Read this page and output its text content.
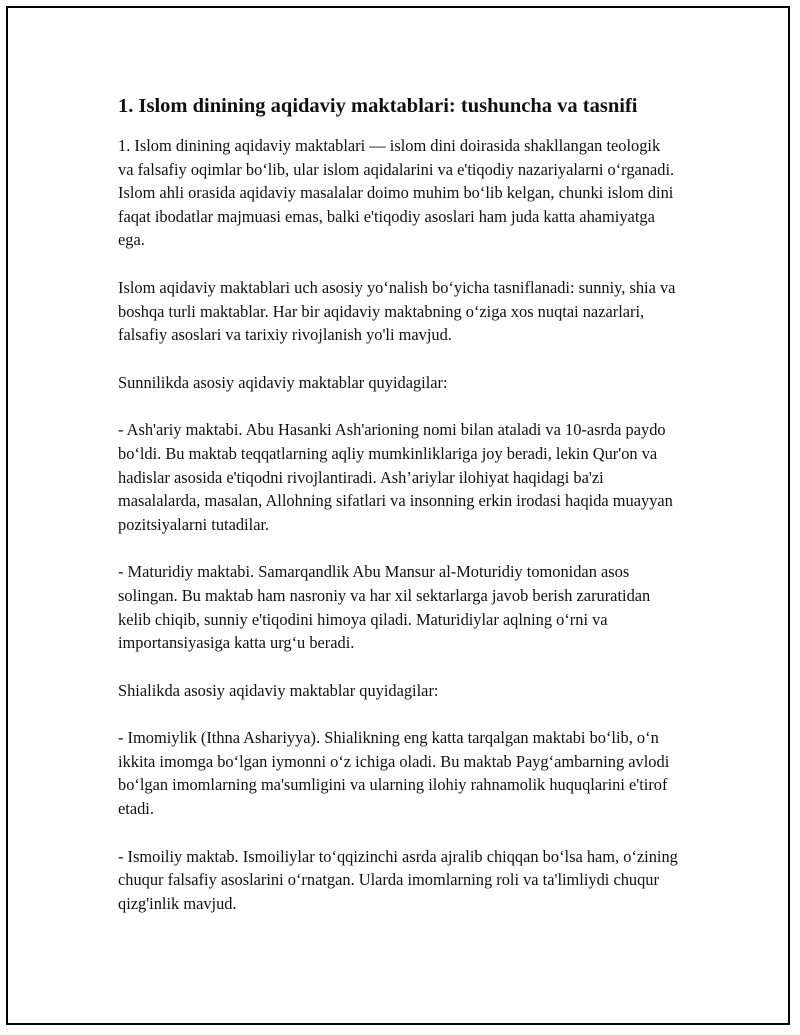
1. Islom dinining aqidaviy maktablari: tushuncha va tasnifi

1. Islom dinining aqidaviy maktablari — islom dini doirasida shakllangan teologik va falsafiy oqimlar bo‘lib, ular islom aqidalarini va e'tiqodiy nazariyalarni o‘rganadi. Islom ahli orasida aqidaviy masalalar doimo muhim bo‘lib kelgan, chunki islom dini faqat ibodatlar majmuasi emas, balki e'tiqodiy asoslari ham juda katta ahamiyatga ega.

Islom aqidaviy maktablari uch asosiy yo‘nalish bo‘yicha tasniflanadi: sunniy, shia va boshqa turli maktablar. Har bir aqidaviy maktabning o‘ziga xos nuqtai nazarlari, falsafiy asoslari va tarixiy rivojlanish yo'li mavjud.

Sunnilikda asosiy aqidaviy maktablar quyidagilar:

- Ash'ariy maktabi. Abu Hasanki Ash'arioning nomi bilan ataladi va 10-asrda paydo bo‘ldi. Bu maktab teqqatlarning aqliy mumkinliklariga joy beradi, lekin Qur'on va hadislar asosida e'tiqodni rivojlantiradi. Ash’ariylar ilohiyat haqidagi ba'zi masalalarda, masalan, Allohning sifatlari va insonning erkin irodasi haqida muayyan pozitsiyalarni tutadilar.

- Maturidiy maktabi. Samarqandlik Abu Mansur al-Moturidiy tomonidan asos solingan. Bu maktab ham nasroniy va har xil sektarlarga javob berish zaruratidan kelib chiqib, sunniy e'tiqodini himoya qiladi. Maturidiylar aqlning o‘rni va importansiyasiga katta urg‘u beradi.

Shialikda asosiy aqidaviy maktablar quyidagilar:

- Imomiylik (Ithna Ashariyya). Shialikning eng katta tarqalgan maktabi bo‘lib, o‘n ikkita imomga bo‘lgan iymonni o‘z ichiga oladi. Bu maktab Payg‘ambarning avlodi bo‘lgan imomlarning ma'sumligini va ularning ilohiy rahnamolik huquqlarini e'tirof etadi.

- Ismoiliy maktab. Ismoiliylar to‘qqizinchi asrda ajralib chiqqan bo‘lsa ham, o‘zining chuqur falsafiy asoslarini o‘rnatgan. Ularda imomlarning roli va ta'limliydi chuqur qizg'inlik mavjud.
